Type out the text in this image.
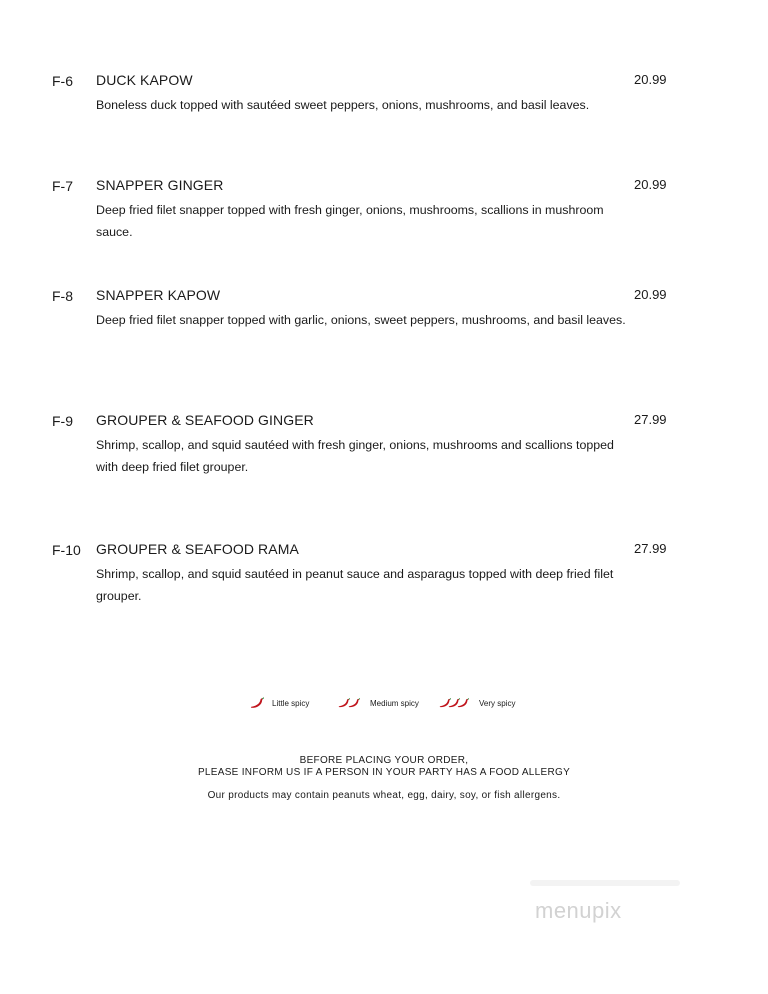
F-6 DUCK KAPOW	20.99
Boneless duck topped with sautéed sweet peppers, onions, mushrooms, and basil leaves.
F-7 SNAPPER GINGER	20.99
Deep fried filet snapper topped with fresh ginger, onions, mushrooms, scallions in mushroom sauce.
F-8 SNAPPER KAPOW	20.99
Deep fried filet snapper topped with garlic, onions, sweet peppers, mushrooms, and basil leaves.
F-9 GROUPER & SEAFOOD GINGER	27.99
Shrimp, scallop, and squid sautéed with fresh ginger, onions, mushrooms and scallions topped with deep fried filet grouper.
F-10 GROUPER & SEAFOOD RAMA	27.99
Shrimp, scallop, and squid sautéed in peanut sauce and asparagus topped with deep fried filet grouper.
Little spicy	Medium spicy	Very spicy
BEFORE PLACING YOUR ORDER,
PLEASE INFORM US IF A PERSON IN YOUR PARTY HAS A FOOD ALLERGY
Our products may contain peanuts wheat, egg, dairy, soy, or fish allergens.
menupix
